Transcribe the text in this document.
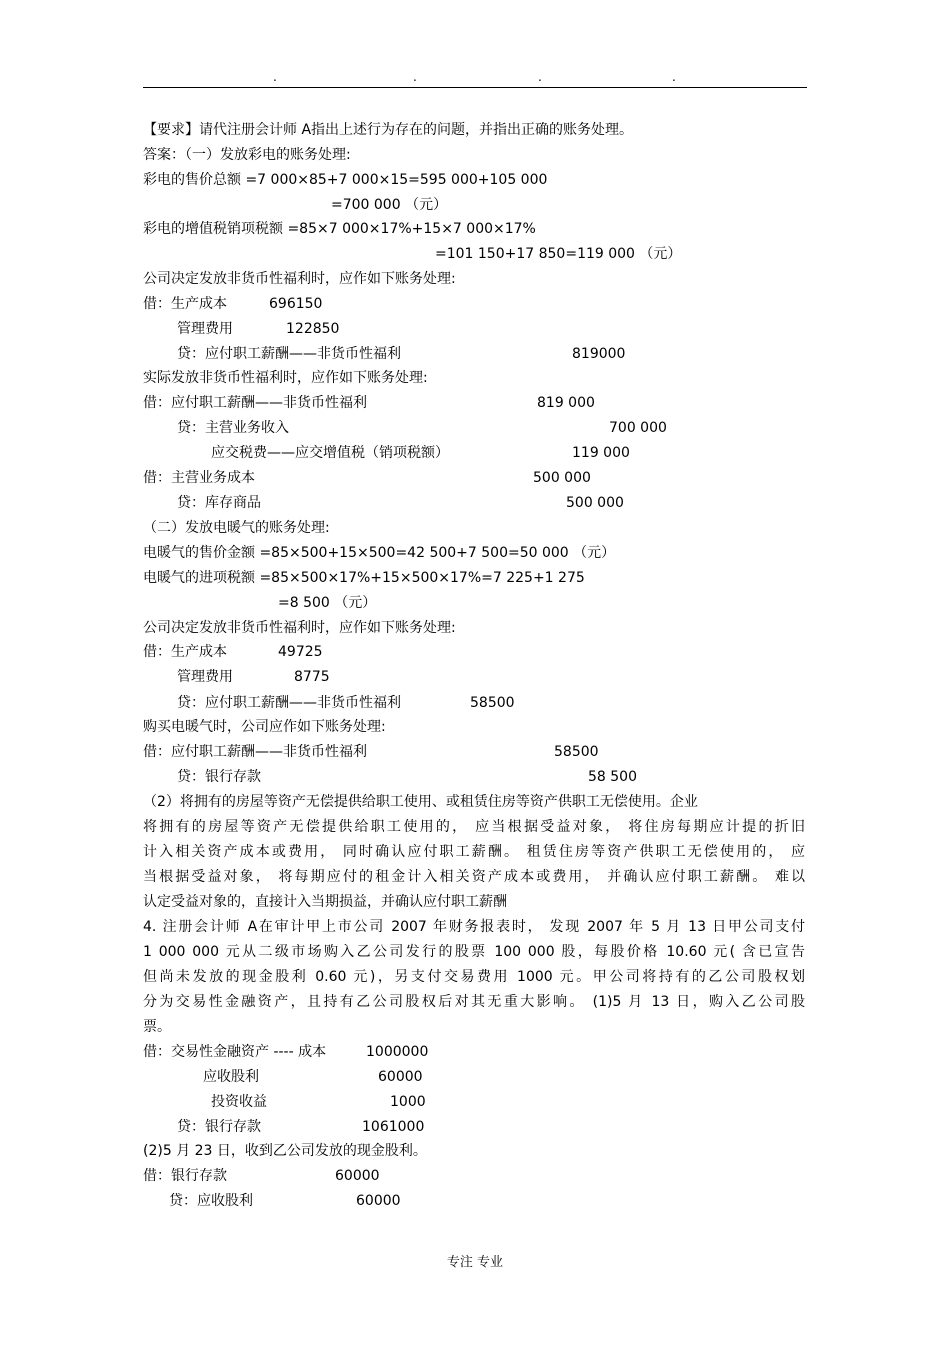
.	.	.	.
【要求】请代注册会计师 A指出上述行为存在的问题，并指出正确的账务处理。
答案：（一）发放彩电的账务处理:
彩电的售价总额 =7 000×85+7 000×15=595 000+105 000
=700 000 （元）
彩电的增值税销项税额 =85×7 000×17%+15×7 000×17%
=101 150+17 850=119 000 （元）
公司决定发放非货币性福利时，应作如下账务处理:
借：生产成本	696150
管理费用	122850
贷：应付职工薪酬——非货币性福利	819000
实际发放非货币性福利时，应作如下账务处理:
借：应付职工薪酬——非货币性福利	819 000
贷：主营业务收入	700 000
应交税费——应交增值税（销项税额）	119 000
借：主营业务成本	500 000
贷：库存商品	500 000
（二）发放电暖气的账务处理:
电暖气的售价金额 =85×500+15×500=42 500+7 500=50 000 （元）
电暖气的进项税额 =85×500×17%+15×500×17%=7 225+1 275
=8 500 （元）
公司决定发放非货币性福利时，应作如下账务处理:
借：生产成本	49725
管理费用	8775
贷：应付职工薪酬——非货币性福利	58500
购买电暖气时，公司应作如下账务处理:
借：应付职工薪酬——非货币性福利	58500
贷：银行存款	58 500
（2）将拥有的房屋等资产无偿提供给职工使用、或租赁住房等资产供职工无偿使用。企业
将拥有的房屋等资产无偿提供给职工使用的， 应当根据受益对象， 将住房每期应计提的折旧
计入相关资产成本或费用， 同时确认应付职工薪酬。 租赁住房等资产供职工无偿使用的， 应
当根据受益对象， 将每期应付的租金计入相关资产成本或费用， 并确认应付职工薪酬。 难以
认定受益对象的，直接计入当期损益，并确认应付职工薪酬
4. 注册会计师 A在审计甲上市公司 2007 年财务报表时， 发现 2007 年 5 月 13 日甲公司支付
1 000 000 元从二级市场购入乙公司发行的股票 100 000 股，每股价格 10.60 元( 含已宣告
但尚未发放的现金股利 0.60 元)，另支付交易费用 1000 元。甲公司将持有的乙公司股权划
分为交易性金融资产，且持有乙公司股权后对其无重大影响。 (1)5 月 13 日，购入乙公司股
票。
借：交易性金融资产 ---- 成本	1000000
应收股利	60000
投资收益	1000
贷：银行存款	1061000
(2)5 月 23 日，收到乙公司发放的现金股利。
借：银行存款	60000
贷：应收股利	60000
专注 专业
